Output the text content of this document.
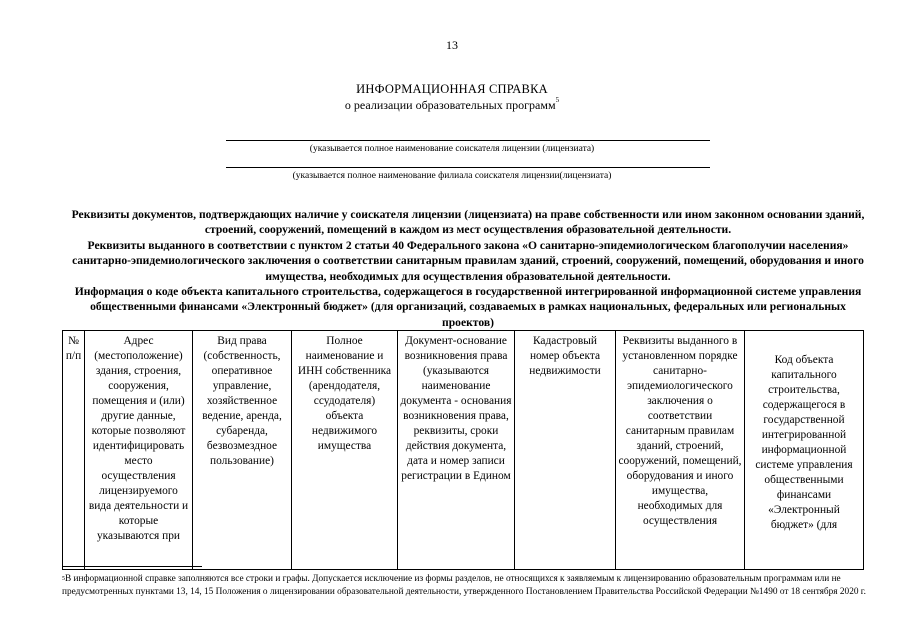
13
ИНФОРМАЦИОННАЯ СПРАВКА
о реализации образовательных программ$^5$
(указывается полное наименование соискателя лицензии (лицензиата)
(указывается полное наименование филиала соискателя лицензии(лицензиата)
Реквизиты документов, подтверждающих наличие у соискателя лицензии (лицензиата) на праве собственности или ином законном основании зданий, строений, сооружений, помещений в каждом из мест осуществления образовательной деятельности.
Реквизиты выданного в соответствии с пунктом 2 статьи 40 Федерального закона «О санитарно-эпидемиологическом благополучии населения» санитарно-эпидемиологического заключения о соответствии санитарным правилам зданий, строений, сооружений, помещений, оборудования и иного имущества, необходимых для осуществления образовательной деятельности.
Информация о коде объекта капитального строительства, содержащегося в государственной интегрированной информационной системе управления общественными финансами «Электронный бюджет» (для организаций, создаваемых в рамках национальных, федеральных или региональных проектов)
№ п/п	Адрес (местоположение) здания, строения, сооружения, помещения и (или) другие данные, которые позволяют идентифицировать место осуществления лицензируемого вида деятельности и которые указываются при	Вид права (собственность, оперативное управление, хозяйственное ведение, аренда, субаренда, безвозмездное пользование)	Полное наименование и ИНН собственника (арендодателя, ссудодателя) объекта недвижимого имущества	Документ-основание возникновения права (указываются наименование документа - основания возникновения права, реквизиты, сроки действия документа, дата и номер записи регистрации в Едином	Кадастровый номер объекта недвижимости	Реквизиты выданного в установленном порядке санитарно-эпидемиологического заключения о соответствии санитарным правилам зданий, строений, сооружений, помещений, оборудования и иного имущества, необходимых для осуществления	Код объекта капитального строительства, содержащегося в государственной интегрированной информационной системе управления общественными финансами «Электронный бюджет» (для
$^5$В информационной справке заполняются все строки и графы. Допускается исключение из формы разделов, не относящихся к заявляемым к лицензированию образовательным программам или не предусмотренных пунктами 13, 14, 15 Положения о лицензировании образовательной деятельности, утвержденного Постановлением Правительства Российской Федерации №1490 от 18 сентября 2020 г.
